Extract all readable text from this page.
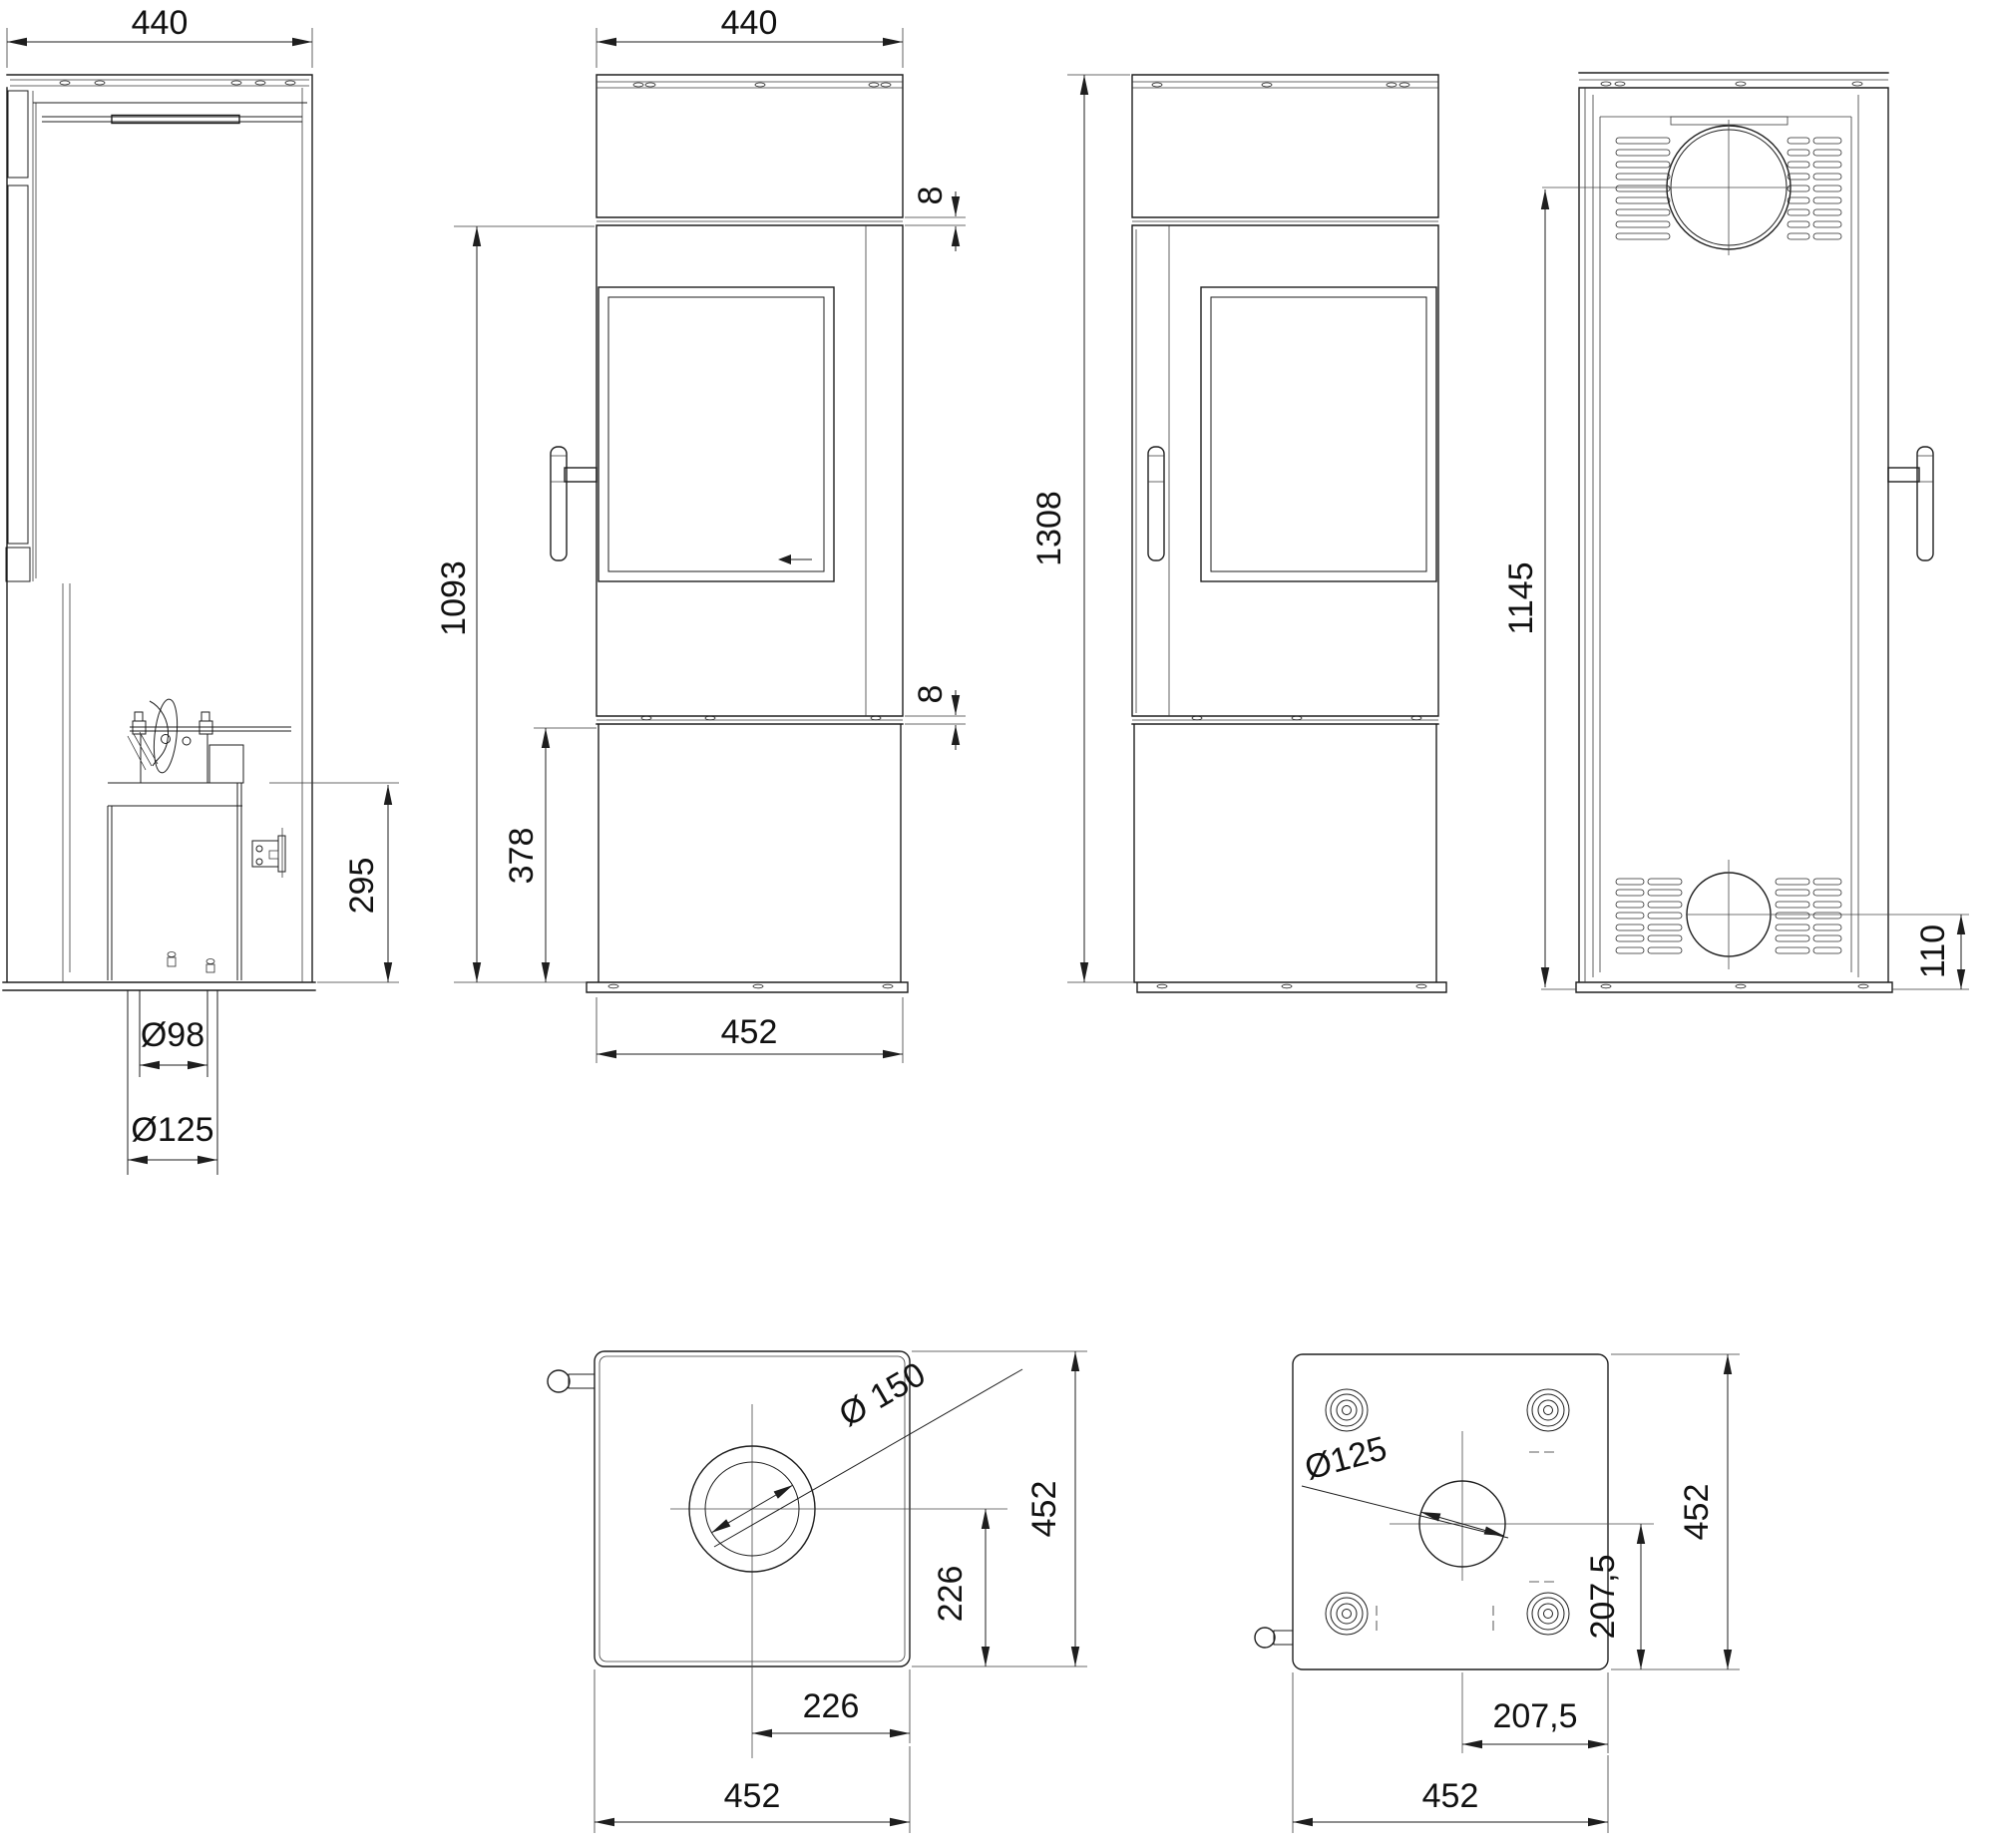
440
295
Ø98
Ø125
440
1093
378
8
8
452
1308
1145
110
Ø 150
452
226
226
452
Ø125
452
207,5
207,5
452
